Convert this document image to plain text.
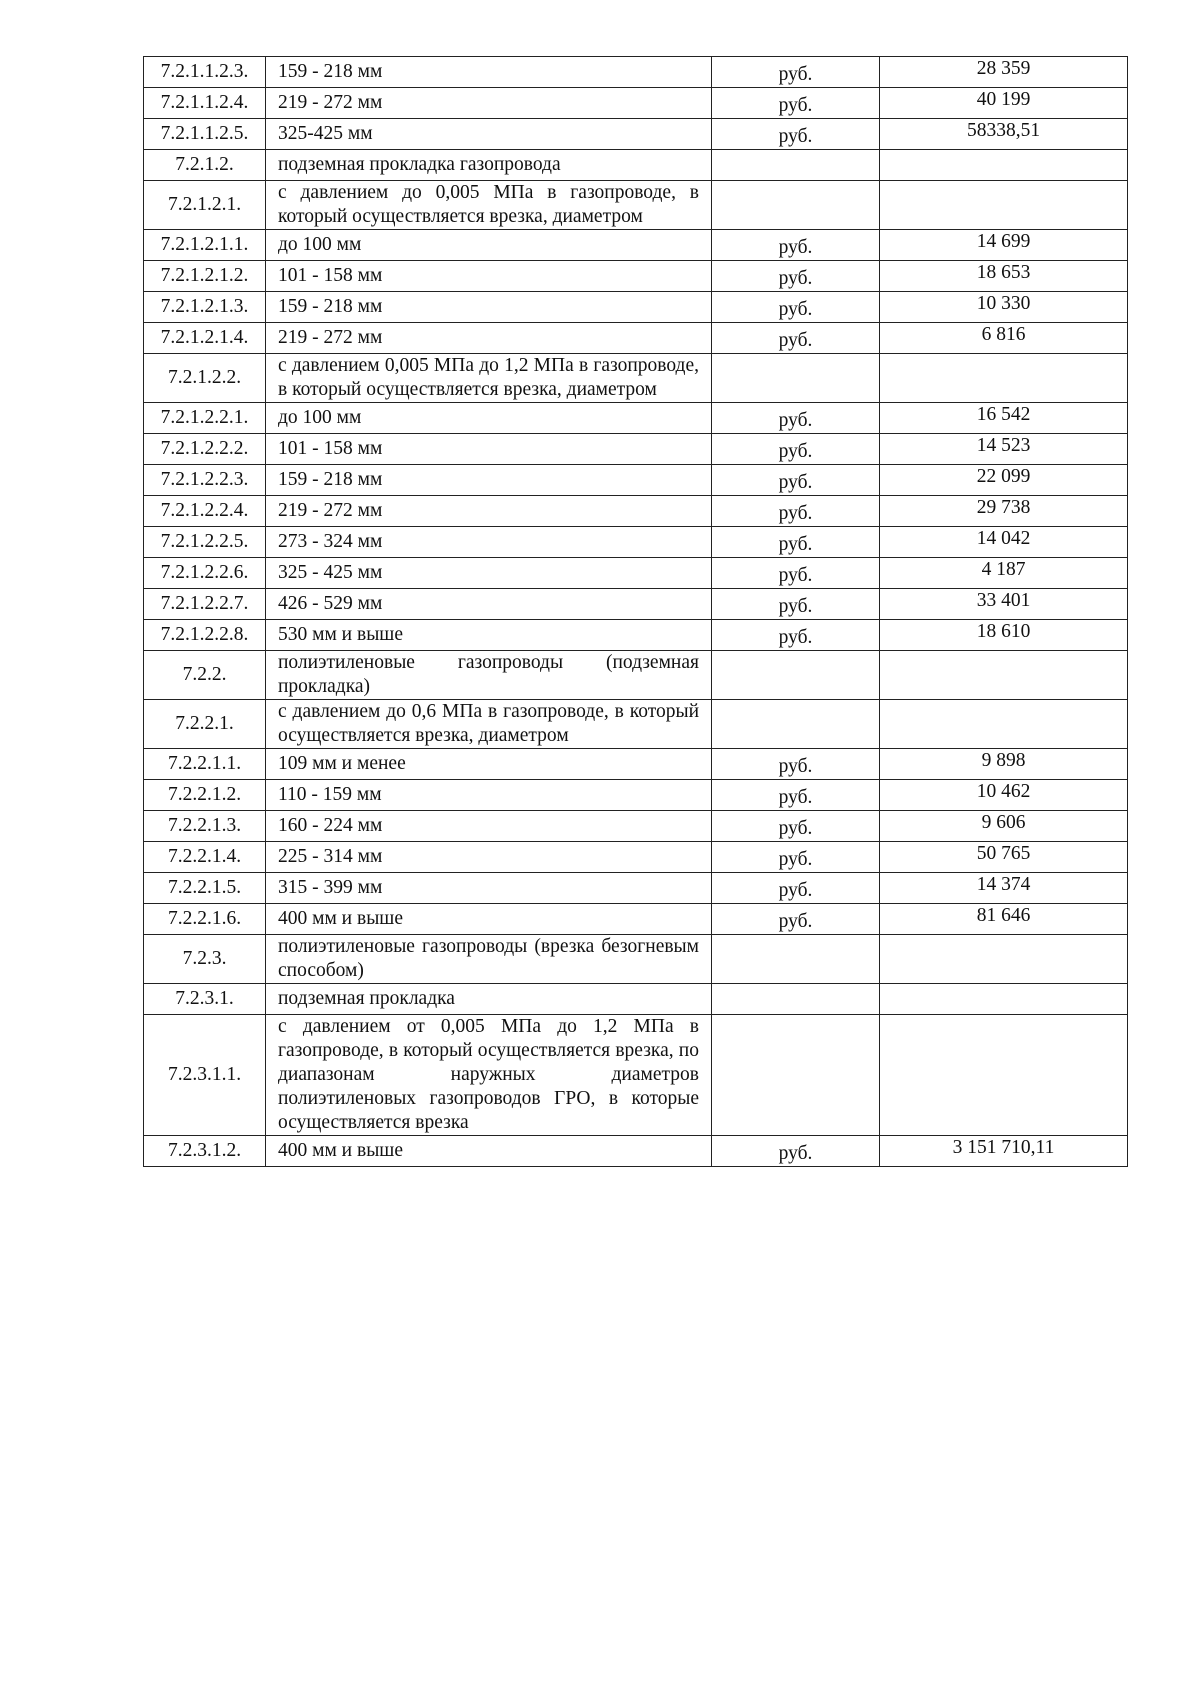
7.2.1.1.2.3.	159 - 218 мм	руб.	28 359
7.2.1.1.2.4.	219 - 272 мм	руб.	40 199
7.2.1.1.2.5.	325-425 мм	руб.	58338,51
7.2.1.2.	подземная прокладка газопровода		
7.2.1.2.1.	с давлением до 0,005 МПа в газопроводе, в который осуществляется врезка, диаметром		
7.2.1.2.1.1.	до 100 мм	руб.	14 699
7.2.1.2.1.2.	101 - 158 мм	руб.	18 653
7.2.1.2.1.3.	159 - 218 мм	руб.	10 330
7.2.1.2.1.4.	219 - 272 мм	руб.	6 816
7.2.1.2.2.	с давлением 0,005 МПа до 1,2 МПа в газопроводе, в который осуществляется врезка, диаметром		
7.2.1.2.2.1.	до 100 мм	руб.	16 542
7.2.1.2.2.2.	101 - 158 мм	руб.	14 523
7.2.1.2.2.3.	159 - 218 мм	руб.	22 099
7.2.1.2.2.4.	219 - 272 мм	руб.	29 738
7.2.1.2.2.5.	273 - 324 мм	руб.	14 042
7.2.1.2.2.6.	325 - 425 мм	руб.	4 187
7.2.1.2.2.7.	426 - 529 мм	руб.	33 401
7.2.1.2.2.8.	530 мм и выше	руб.	18 610
7.2.2.	полиэтиленовые газопроводы (подземная прокладка)		
7.2.2.1.	с давлением до 0,6 МПа в газопроводе, в который осуществляется врезка, диаметром		
7.2.2.1.1.	109 мм и менее	руб.	9 898
7.2.2.1.2.	110 - 159 мм	руб.	10 462
7.2.2.1.3.	160 - 224 мм	руб.	9 606
7.2.2.1.4.	225 - 314 мм	руб.	50 765
7.2.2.1.5.	315 - 399 мм	руб.	14 374
7.2.2.1.6.	400 мм и выше	руб.	81 646
7.2.3.	полиэтиленовые газопроводы (врезка безогневым способом)		
7.2.3.1.	подземная прокладка		
7.2.3.1.1.	с давлением от 0,005 МПа до 1,2 МПа в газопроводе, в который осуществляется врезка, по диапазонам наружных диаметров полиэтиленовых газопроводов ГРО, в которые осуществляется врезка		
7.2.3.1.2.	400 мм и выше	руб.	3 151 710,11
